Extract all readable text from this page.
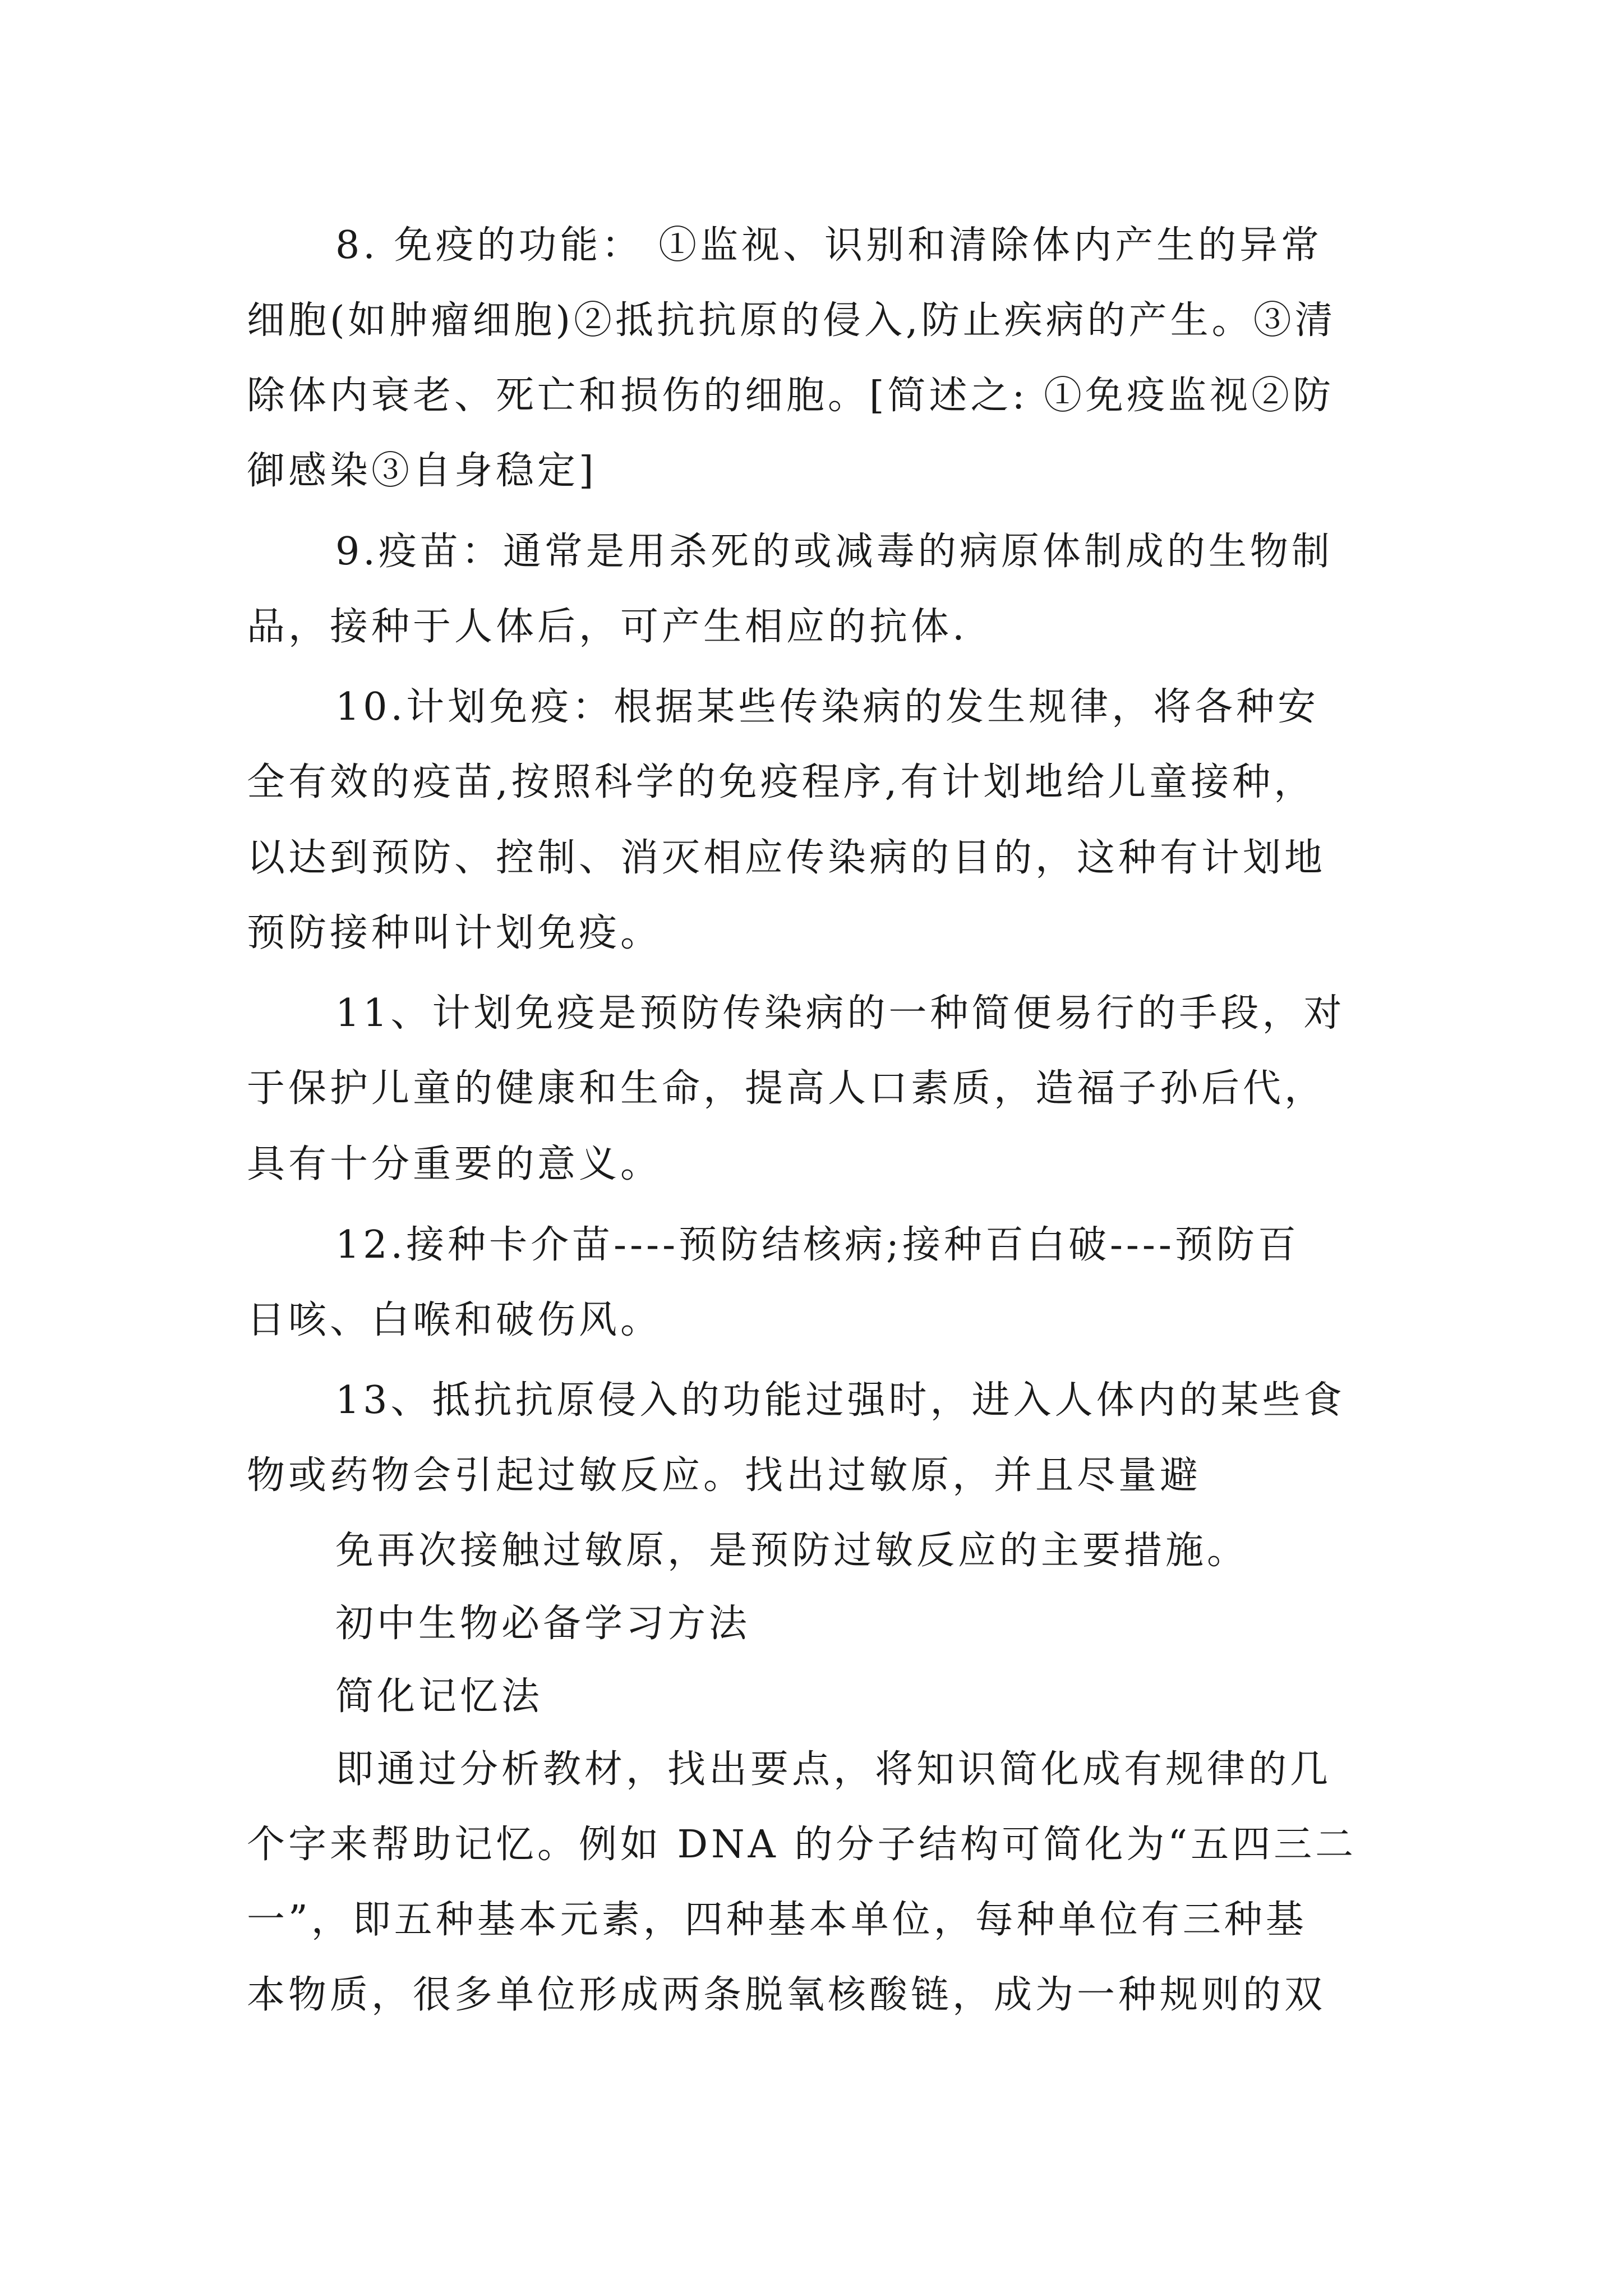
8. 免疫的功能： ①监视、识别和清除体内产生的异常
细胞(如肿瘤细胞)②抵抗抗原的侵入,防止疾病的产生。③清
除体内衰老、死亡和损伤的细胞。[简述之: ①免疫监视②防
御感染③自身稳定]
9.疫苗：通常是用杀死的或减毒的病原体制成的生物制
品，接种于人体后，可产生相应的抗体.
10.计划免疫：根据某些传染病的发生规律，将各种安
全有效的疫苗,按照科学的免疫程序,有计划地给儿童接种，
以达到预防、控制、消灭相应传染病的目的，这种有计划地
预防接种叫计划免疫。
11、计划免疫是预防传染病的一种简便易行的手段，对
于保护儿童的健康和生命，提高人口素质，造福子孙后代，
具有十分重要的意义。
12.接种卡介苗----预防结核病;接种百白破----预防百
日咳、白喉和破伤风。
13、抵抗抗原侵入的功能过强时，进入人体内的某些食
物或药物会引起过敏反应。找出过敏原，并且尽量避
免再次接触过敏原，是预防过敏反应的主要措施。
初中生物必备学习方法
简化记忆法
即通过分析教材，找出要点，将知识简化成有规律的几
个字来帮助记忆。例如 DNA 的分子结构可简化为“五四三二
一”，即五种基本元素，四种基本单位，每种单位有三种基
本物质，很多单位形成两条脱氧核酸链，成为一种规则的双
